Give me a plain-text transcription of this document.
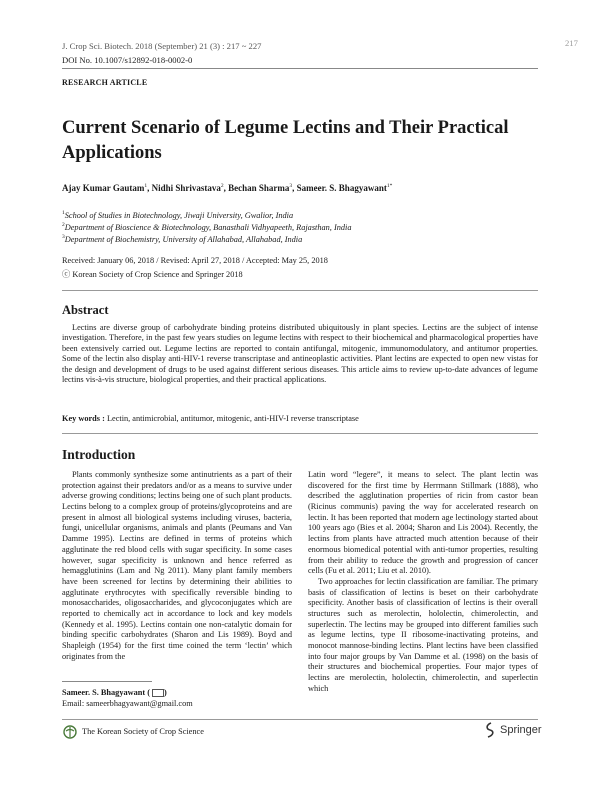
J. Crop Sci. Biotech. 2018 (September) 21 (3) : 217 ~ 227	217
DOI No. 10.1007/s12892-018-0002-0
RESEARCH ARTICLE
Current Scenario of Legume Lectins and Their Practical Applications
Ajay Kumar Gautam$^1$, Nidhi Shrivastava$^2$, Bechan Sharma$^3$, Sameer. S. Bhagyawant$^{1*}$
$^1$School of Studies in Biotechnology, Jiwaji University, Gwalior, India
$^2$Department of Bioscience & Biotechnology, Banasthali Vidhyapeeth, Rajasthan, India
$^3$Department of Biochemistry, University of Allahabad, Allahabad, India
Received: January 06, 2018 / Revised: April 27, 2018 / Accepted: May 25, 2018
ⓒ Korean Society of Crop Science and Springer 2018
Abstract

Lectins are diverse group of carbohydrate binding proteins distributed ubiquitously in plant species. Lectins are the subject of intense investigation. Therefore, in the past few years studies on legume lectins with respect to their biochemical and pharmacological properties have been extensively carried out. Legume lectins are reported to contain antifungal, mitogenic, immunomodulatory, and antitumor properties. Some of the lectin also display anti-HIV-1 reverse transcriptase and antineoplastic activities. Plant lectins are expected to open new vistas for the design and development of drugs to be used against different serious diseases. This article aims to review up-to-date advances of legume lectins vis-à-vis structure, biological properties, and their practical applications.

Key words : Lectin, antimicrobial, antitumor, mitogenic, anti-HIV-I reverse transcriptase

Introduction

Plants commonly synthesize some antinutrients as a part of their protection against their predators and/or as a means to survive under adverse growing conditions; lectins being one of such plant products. Lectins belong to a complex group of proteins/glycoproteins and are present in almost all biological systems including viruses, bacteria, fungi, unicellular organisms, animals and plants (Peumans and Van Damme 1995). Lectins are defined in terms of proteins which agglutinate the red blood cells with sugar specificity. In some cases however, sugar specificity is unknown and hence referred as hemagglutinins (Lam and Ng 2011). Many plant family members have been screened for lectins by determining their abilities to agglutinate erythrocytes with specifically reversible binding to monosaccharides, oligosaccharides, and glycoconjugates which are reported to chemically act in accordance to lock and key models (Kennedy et al. 1995). Lectins contain one non-catalytic domain for binding specific carbohydrates (Sharon and Lis 1989). Boyd and Shapleigh (1954) for the first time coined the term ‘lectin’ which originates from the

Latin word “legere”, it means to select. The plant lectin was discovered for the first time by Herrmann Stillmark (1888), who described the agglutination properties of ricin from castor bean (Ricinus communis) paving the way for accelerated research on lectin. It has been reported that modern age lectinology started about 100 years ago (Bies et al. 2004; Sharon and Lis 2004). Recently, the lectins from plants have attracted much attention because of their enormous biomedical potential with anti-tumor properties, resulting from their ability to reduce the growth and progression of cancer cells (Fu et al. 2011; Liu et al. 2010).

Two approaches for lectin classification are familiar. The primary basis of classification of lectins is beset on their carbohydrate specificity. Another basis of classification of lectins is their overall structures such as merolectin, hololectin, chimerolectin, and superlectin. The lectins may be grouped into different families such as legume lectins, type II ribosome-inactivating proteins, and monocot mannose-binding lectins. Plant lectins have been classified into four major groups by Van Damme et al. (1998) on the basis of their structures and biochemical properties. Four major types of lectins are merolectin, hololectin, chimerolectin, and superlectin which

Sameer. S. Bhagyawant ( )
Email: sameerbhagyawant@gmail.com
The Korean Society of Crop Science	Springer
